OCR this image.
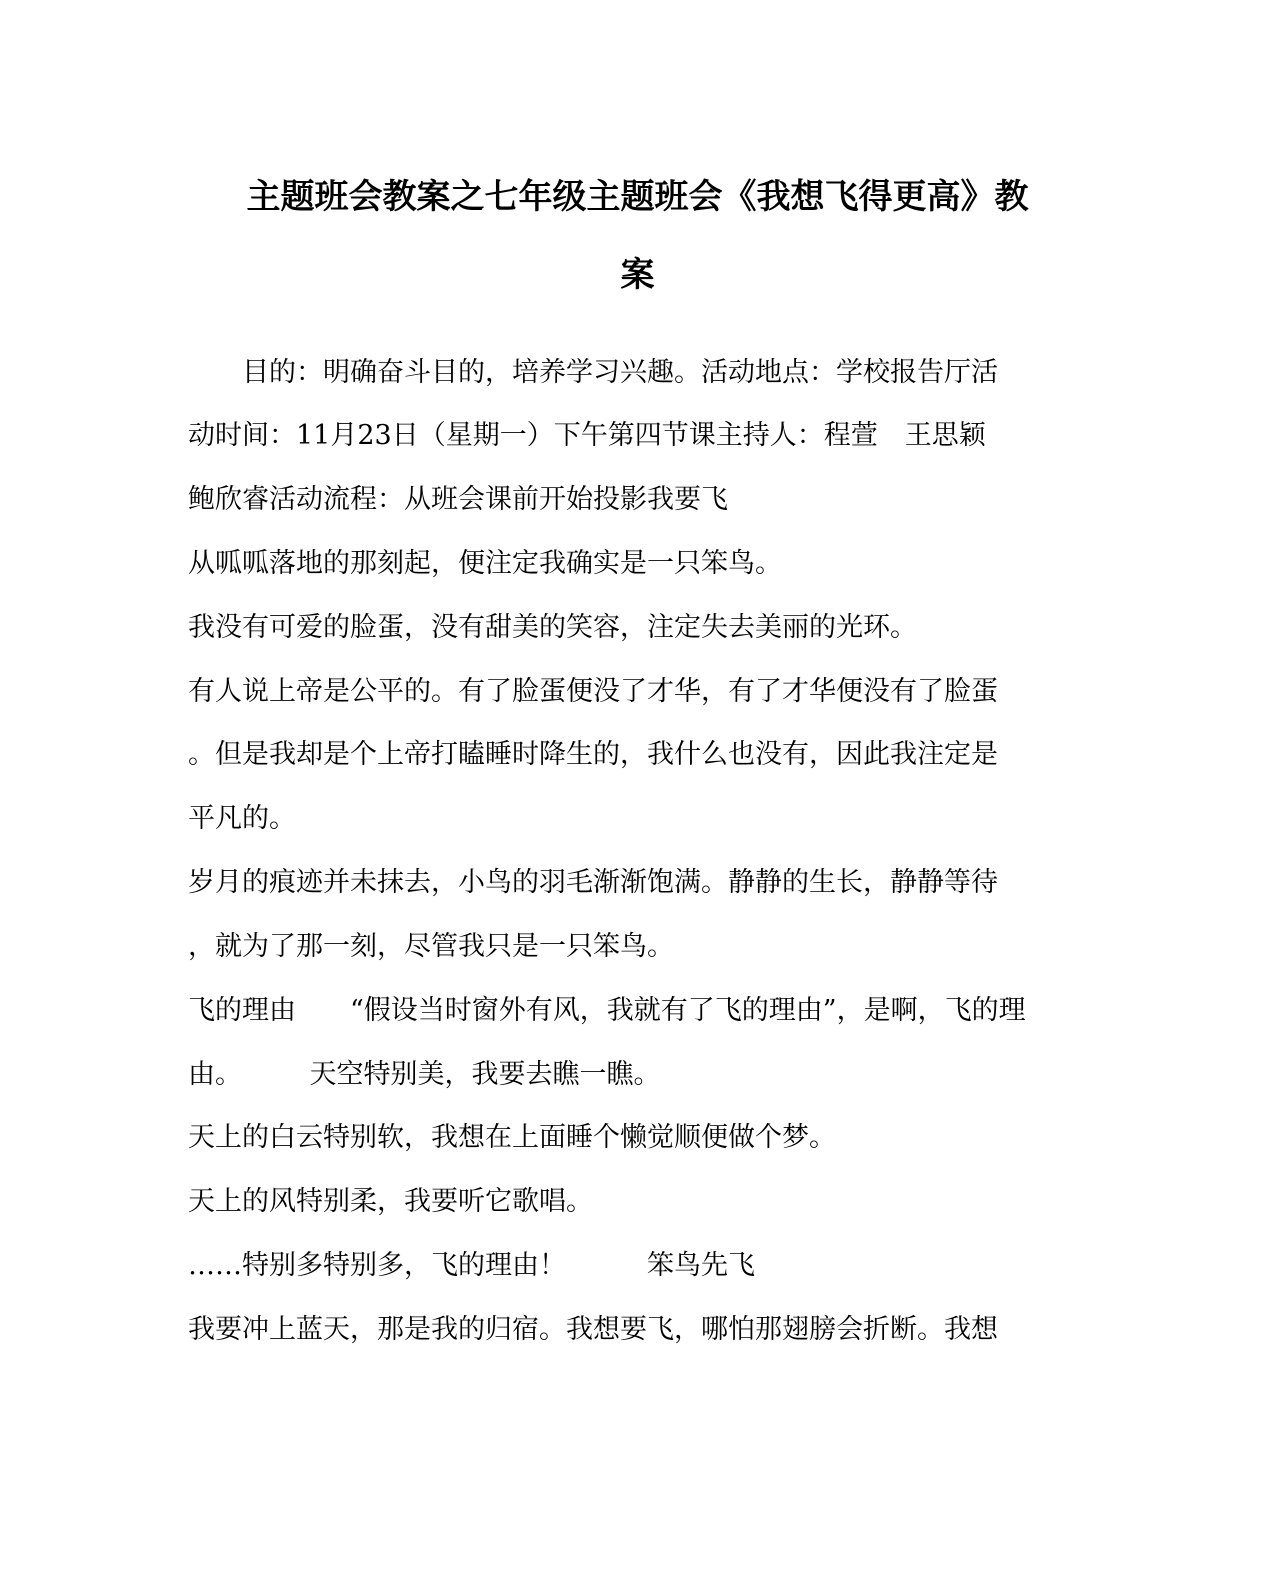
主题班会教案之七年级主题班会《我想飞得更高》教
案
　　目的：明确奋斗目的，培养学习兴趣。活动地点：学校报告厅活
动时间：11月23日（星期一）下午第四节课主持人：程萱　王思颖
鲍欣睿活动流程：从班会课前开始投影我要飞
从呱呱落地的那刻起，便注定我确实是一只笨鸟。
我没有可爱的脸蛋，没有甜美的笑容，注定失去美丽的光环。
有人说上帝是公平的。有了脸蛋便没了才华，有了才华便没有了脸蛋
。但是我却是个上帝打瞌睡时降生的，我什么也没有，因此我注定是
平凡的。
岁月的痕迹并未抹去，小鸟的羽毛渐渐饱满。静静的生长，静静等待
，就为了那一刻，尽管我只是一只笨鸟。
飞的理由　　“假设当时窗外有风，我就有了飞的理由”，是啊，飞的理
由。　　　天空特别美，我要去瞧一瞧。
天上的白云特别软，我想在上面睡个懒觉顺便做个梦。
天上的风特别柔，我要听它歌唱。
……特别多特别多，飞的理由！　　　笨鸟先飞
我要冲上蓝天，那是我的归宿。我想要飞，哪怕那翅膀会折断。我想
